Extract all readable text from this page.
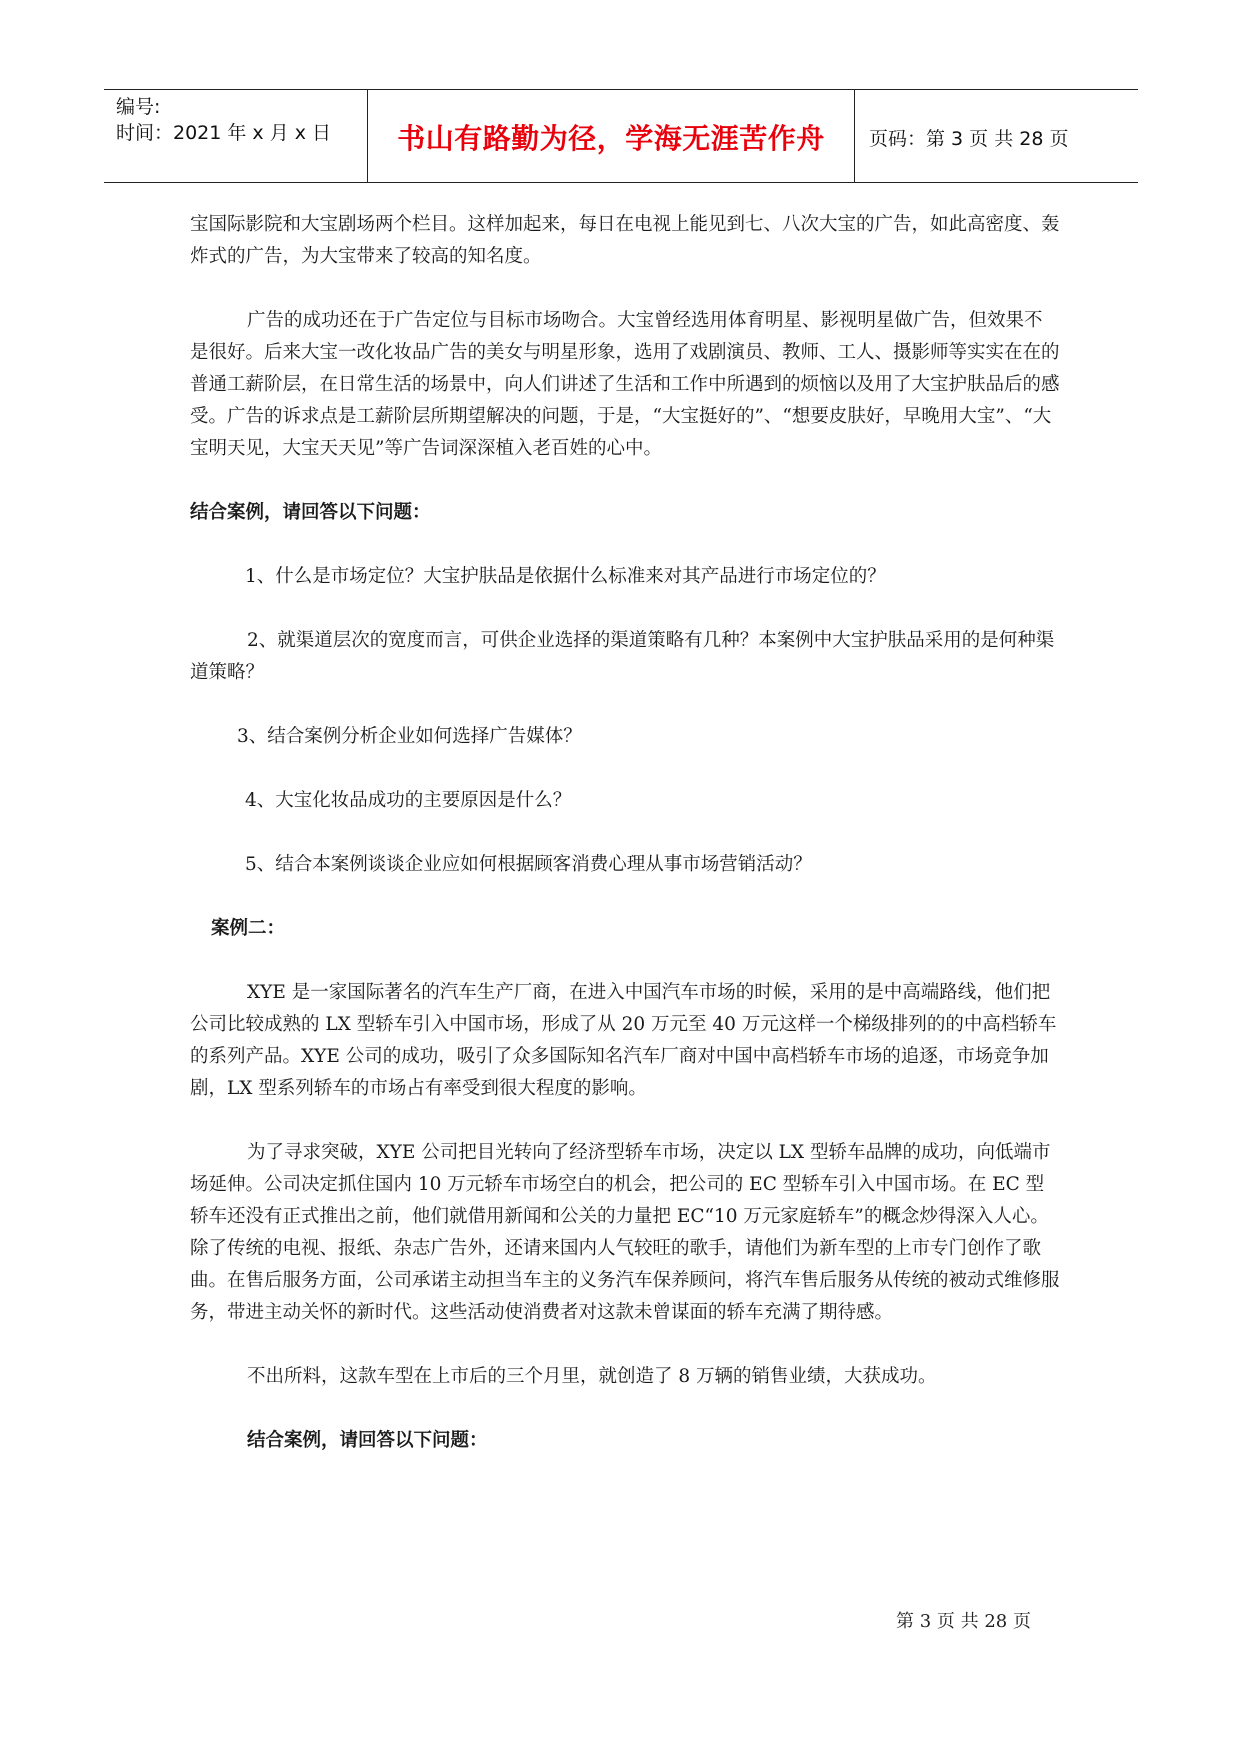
编号:
时间：2021 年 x 月 x 日	书山有路勤为径，学海无涯苦作舟	页码：第 3 页 共 28 页

宝国际影院和大宝剧场两个栏目。这样加起来，每日在电视上能见到七、八次大宝的广告，如此高密度、轰炸式的广告，为大宝带来了较高的知名度。

广告的成功还在于广告定位与目标市场吻合。大宝曾经选用体育明星、影视明星做广告，但效果不是很好。后来大宝一改化妆品广告的美女与明星形象，选用了戏剧演员、教师、工人、摄影师等实实在在的普通工薪阶层，在日常生活的场景中，向人们讲述了生活和工作中所遇到的烦恼以及用了大宝护肤品后的感受。广告的诉求点是工薪阶层所期望解决的问题，于是，“大宝挺好的”、“想要皮肤好，早晚用大宝”、“大宝明天见，大宝天天见”等广告词深深植入老百姓的心中。

结合案例，请回答以下问题：

1、什么是市场定位？大宝护肤品是依据什么标准来对其产品进行市场定位的？

2、就渠道层次的宽度而言，可供企业选择的渠道策略有几种？本案例中大宝护肤品采用的是何种渠道策略？

3、结合案例分析企业如何选择广告媒体？

4、大宝化妆品成功的主要原因是什么？

5、结合本案例谈谈企业应如何根据顾客消费心理从事市场营销活动？

案例二：

XYE 是一家国际著名的汽车生产厂商，在进入中国汽车市场的时候，采用的是中高端路线，他们把公司比较成熟的 LX 型轿车引入中国市场，形成了从 20 万元至 40 万元这样一个梯级排列的的中高档轿车的系列产品。XYE 公司的成功，吸引了众多国际知名汽车厂商对中国中高档轿车市场的追逐，市场竞争加剧，LX 型系列轿车的市场占有率受到很大程度的影响。

为了寻求突破，XYE 公司把目光转向了经济型轿车市场，决定以 LX 型轿车品牌的成功，向低端市场延伸。公司决定抓住国内 10 万元轿车市场空白的机会，把公司的 EC 型轿车引入中国市场。在 EC 型轿车还没有正式推出之前，他们就借用新闻和公关的力量把 EC“10 万元家庭轿车”的概念炒得深入人心。除了传统的电视、报纸、杂志广告外，还请来国内人气较旺的歌手，请他们为新车型的上市专门创作了歌曲。在售后服务方面，公司承诺主动担当车主的义务汽车保养顾问，将汽车售后服务从传统的被动式维修服务，带进主动关怀的新时代。这些活动使消费者对这款未曾谋面的轿车充满了期待感。

不出所料，这款车型在上市后的三个月里，就创造了 8 万辆的销售业绩，大获成功。

结合案例，请回答以下问题：

第 3 页 共 28 页
